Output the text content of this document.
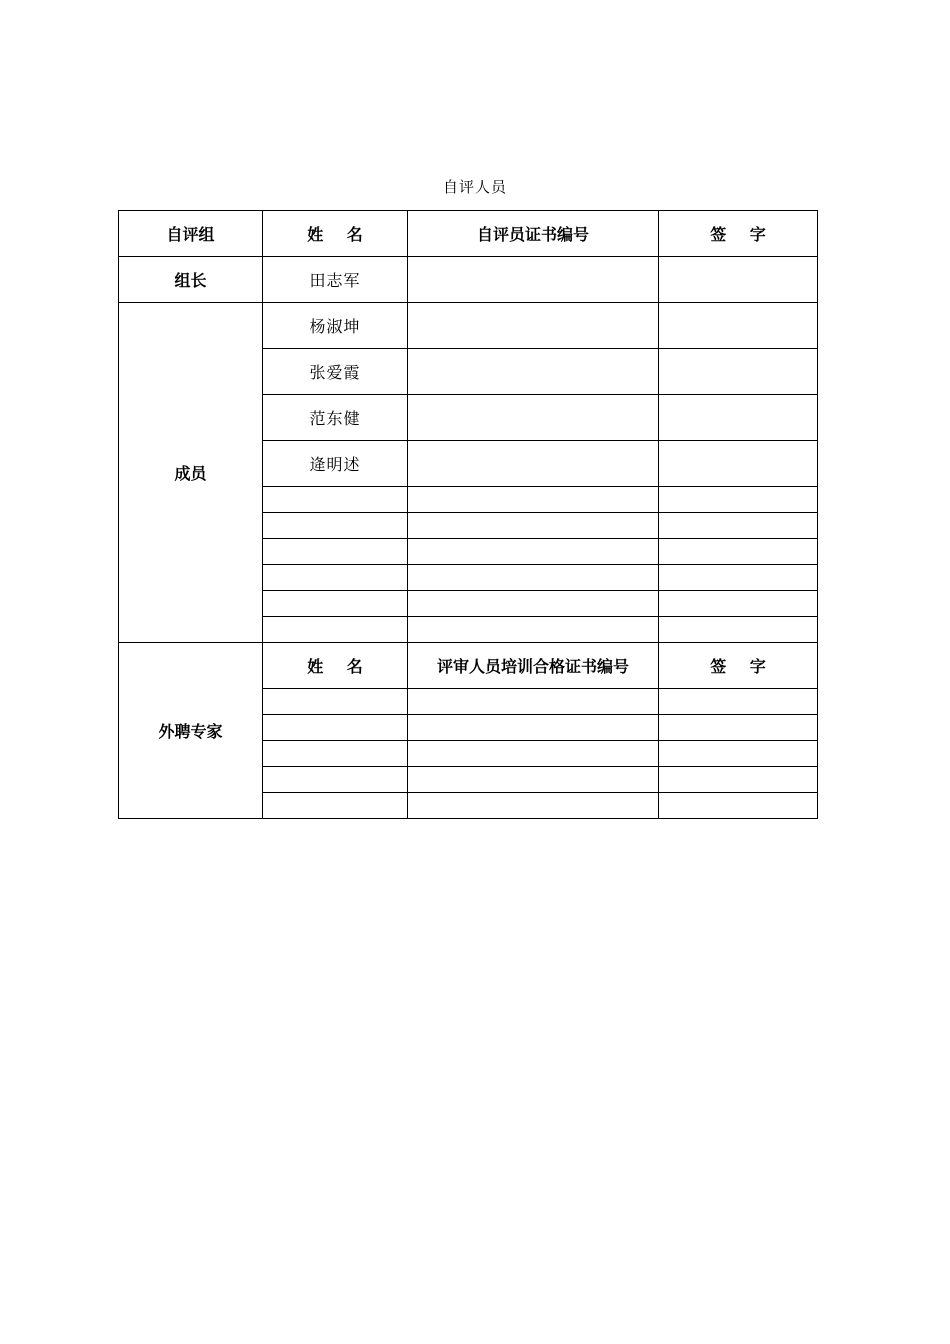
自评人员
自评组	姓 名	自评员证书编号	签 字
组长	田志军		
成员	杨淑坤		
	张爱霞		
	范东健		
	逄明述		

外聘专家	姓 名	评审人员培训合格证书编号	签 字
